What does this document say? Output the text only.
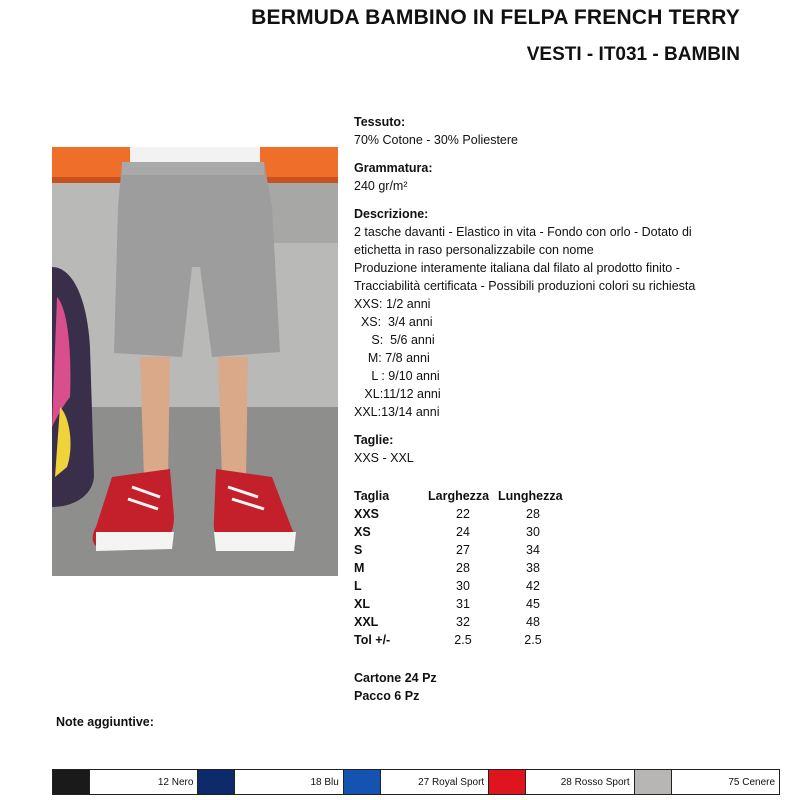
BERMUDA BAMBINO IN FELPA FRENCH TERRY
VESTI - IT031 - BAMBIN
Tessuto:
70% Cotone - 30% Poliestere
Grammatura:
240 gr/m²
Descrizione:
2 tasche davanti - Elastico in vita - Fondo con orlo - Dotato di
etichetta in raso personalizzabile con nome
Produzione interamente italiana dal filato al prodotto finito -
Tracciabilità certificata - Possibili produzioni colori su richiesta
XXS: 1/2 anni
XS:  3/4 anni
S:  5/6 anni
M: 7/8 anni
L : 9/10 anni
XL:11/12 anni
XXL:13/14 anni
Taglie:
XXS - XXL
Taglia	Larghezza	Lunghezza
XXS	22	28
XS	24	30
S	27	34
M	28	38
L	30	42
XL	31	45
XXL	32	48
Tol +/-	2.5	2.5
Cartone 24 Pz
Pacco 6 Pz
Note aggiuntive:
12 Nero	18 Blu	27 Royal Sport	28 Rosso Sport	75 Cenere
